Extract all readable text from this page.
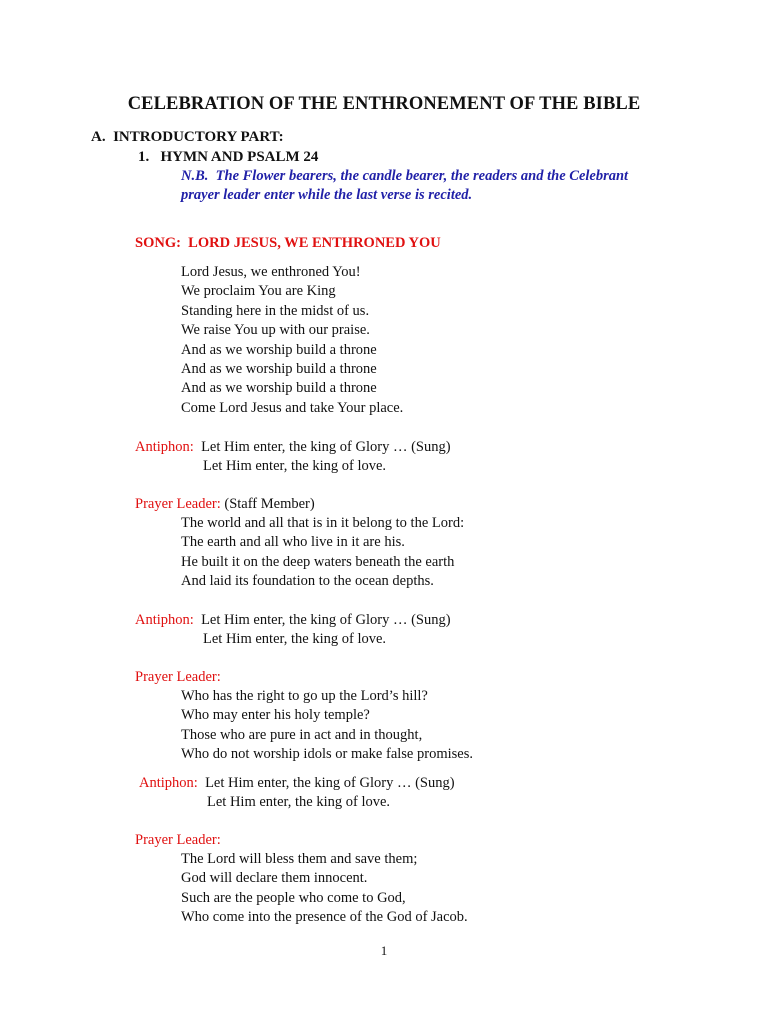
CELEBRATION OF THE ENTHRONEMENT OF THE BIBLE
A.  INTRODUCTORY PART:
1.   HYMN AND PSALM 24
N.B.  The Flower bearers, the candle bearer, the readers and the Celebrant
prayer leader enter while the last verse is recited.
SONG:  LORD JESUS, WE ENTHRONED YOU
Lord Jesus, we enthroned You!
We proclaim You are King
Standing here in the midst of us.
We raise You up with our praise.
And as we worship build a throne
And as we worship build a throne
And as we worship build a throne
Come Lord Jesus and take Your place.
Antiphon: Let Him enter, the king of Glory … (Sung)
Let Him enter, the king of love.
Prayer Leader: (Staff Member)
The world and all that is in it belong to the Lord:
The earth and all who live in it are his.
He built it on the deep waters beneath the earth
And laid its foundation to the ocean depths.
Antiphon: Let Him enter, the king of Glory … (Sung)
Let Him enter, the king of love.
Prayer Leader:
Who has the right to go up the Lord’s hill?
Who may enter his holy temple?
Those who are pure in act and in thought,
Who do not worship idols or make false promises.
Antiphon: Let Him enter, the king of Glory … (Sung)
Let Him enter, the king of love.
Prayer Leader:
The Lord will bless them and save them;
God will declare them innocent.
Such are the people who come to God,
Who come into the presence of the God of Jacob.
1
